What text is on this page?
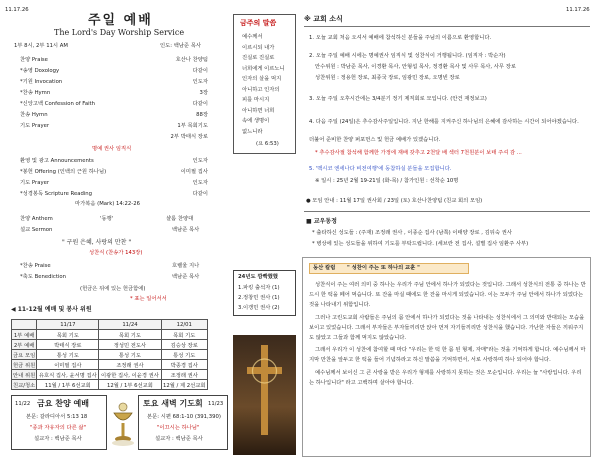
11.17.26	11.17.26
주일 예배
The Lord's Day Worship Service
1부 8시, 2부 11시 AM	인도: 백남준 목사
찬양 Praise	호산나 찬양팀
*송영 Doxology	다같이
*기원 Invocation	인도자
*찬송 Hymn	3장
*신앙고백 Confession of Faith	다같이
찬송 Hymn	88장
기도 Prayer	1부 목회기도
2부 박태식 장로
명예 권사 임직식
환영 및 광고 Announcements	인도자
*봉헌 Offering (인백의 근원 하나님)	이미필 집사
기도 Prayer	인도자
*성경봉독 Scripture Reading	다같이
마가복음 (Mark) 14:22-26
찬양 Anthem	'동행'	샬롬 찬양대
설교 Sermon	백남준 목사
" 구원 은혜, 사랑의 만찬 "
성찬식 (찬송가 143장)
*찬송 Praise	호렐울 지나
*축도 Benediction	백남준 목사
(헌금은 뒤에 있는 헌금함에)
* 표는 일어서서
◀ 11-12월 예배 및 봉사 위원
	11/17	11/24	12/01
1부 예배	목회 기도	목회 기도	목회 기도
2부 예배	박태식 장로	정성민 전도사	김승상 장로
금요 모임	통성 기도	통성 기도	통성 기도
헌금 위원	이미필 집사	조정래 권사	박종경 집사
안내 위원	유호식 집사, 윤서명 집사	이광한 집사, 이윤경 권사	조정래 권사
친교/청소	11월 / 1부 6선교회	12월 / 1부 6선교회	12월 / 제 2선교회
11/22 금요 찬양 예배
본문: 갈라디아서 5:13 18
"종과 자유자의 다른 삶"
설교자 : 백남준 목사
토요 새벽 기도회 11/23
본문: 시편 68:1-10 (391,390)
"이끄시는 하나님"
설교자 : 백남준 목사
금주의 말씀
예수께서
이르시되 내가
진실로 진실로
너희에게 이르노니
인자의 살을 먹지
아니하고 인자의
피를 마시지
아니하면 너희
속에 생명이
없느니라
(요 6:53)
24년도 깜빡했했
1.파킹 출석자 (1)
2.정창민 권사 (1)
3.이갱민 권사 (2)
※ 교회 소식
1. 오늘 교회 처음 오셔서 예배에 참석하신 분들을 주님의 이름으로 환영합니다.
2. 오늘 주일 예배 시에는 명예권사 임직식 및 성찬식이 거행됩니다. (임직자 : 박순자)
안수위원 : 박남준 목사, 이경환 목사, 안형섭 목사, 정경환 목사 및 사무 목사, 사무 장로
성찬위원 : 정용헌 장로, 최종국 장로, 임광민 장로, 오명빈 장로
3. 오늘 주일 오후시간에는 3/4분기 정기 제직회로 모입니다. (안건 재정보고)
4. 다음 주일 (24일)은 추수감사주일입니다. 지난 한해를 지켜주신 하나님의 은혜에 감사하는 시간이 되어야겠습니다.
더불어 준비한 찬양 퍼포먼스 및 헌금 예배가 있겠습니다.
* 추수감사절 참석해 함께한 가정에 재배 갖추고 2천달 배 섹터 7천원분이 보태 주셔 감 ...
5. '맥시코 엔세나다 비전여행'에 동참하실 분들을 모집합니다.
※ 일시 : 25년 2월 19-21일 (화-목) / 참가인원 : 선착순 10명
● 모임 안내 : 11월 17일 권사회 / 23일 (토) 호산나찬양팀 (친교 회의 모임)
■ 교우동정
* 출타하신 성도들 : (주재) 조정래 권사 , 이종순 집사 (남쪽) 이태양 장로 , 김뒤숙 권사
* 병상에 있는 성도들을 위하여 기도를 부탁드립니다. (세브란 전 집사, 설별 집사 임환주 사부)
동산 칼럼 " 성찬이 주는 또 하나의 교훈 "

성찬식이 주는 여러 의미 중 하나는 우리가 주님 안에서 하나가 되었다는 것입니다. 그래서 성찬식의 전통 중 하나는 반드시 한 떡을 떼어 먹습니다. 또 잔을 마실 때에도 한 잔을 마시게 되었습니다. 이는 모두가 주님 안에서 하나가 되었다는 것을 나타내기 위함입니다.

그러나 고린도교회 사람들은 주님의 몸 안에서 하나가 되었다는 것을 나타내는 성찬식에서 그 의미와 반대되는 모습을 보이고 있었습니다. 그래서 부자들은 부자들끼리만 앉아 먼저 자기들끼리만 성찬식을 했습니다. 가난한 자들은 끼워주지도 않았고 그들과 함께 먹지도 않았습니다.

그래서 우리가 이 성찬에 참여할 때 마다 "우리는 한 떡 한 몸 된 형제, 자매"라는 것을 기억하게 합니다. 예수님께서 마지막 만찬을 앞두고 한 떡을 들어 기념하라고 하신 말씀을 기억하면서, 서로 사랑하며 하나 되어야 합니다.

예수님께서 보이신 그 큰 사랑을 받은 우리가 형제를 사랑하지 못하는 것은 모순입니다. 우리는 늘 "사랑입니다. 우리는 하나입니다" 라고 고백하며 살아야 합니다.
